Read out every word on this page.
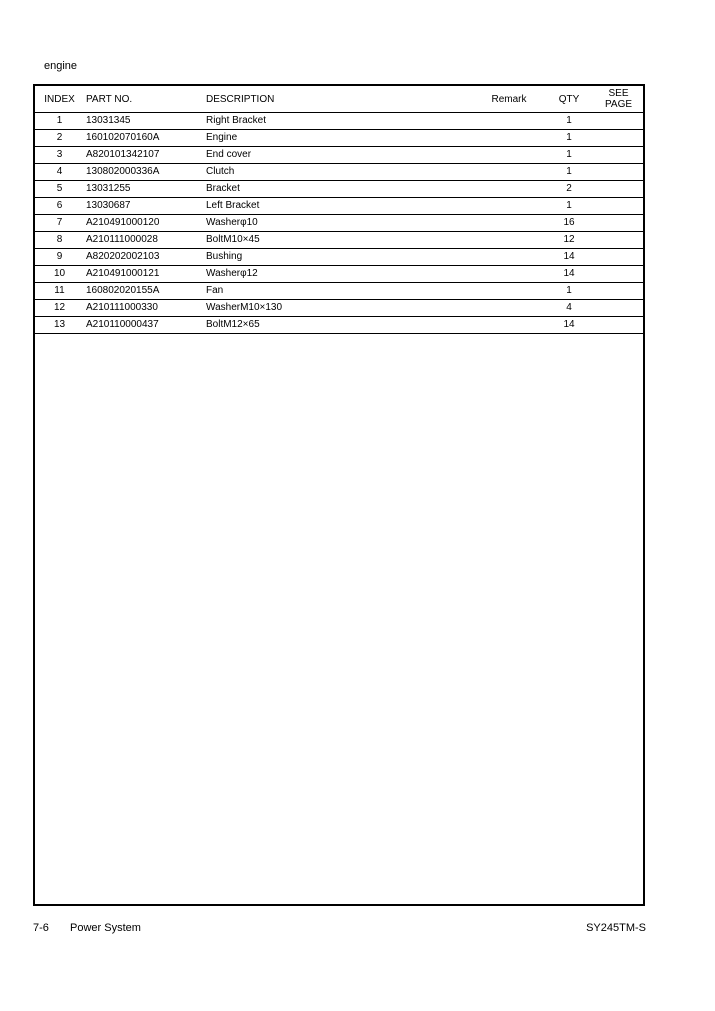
engine
INDEX	PART NO.	DESCRIPTION	Remark	QTY	SEE
PAGE

1	13031345	Right Bracket		1	
2	160102070160A	Engine		1	
3	A820101342107	End cover		1	
4	130802000336A	Clutch		1	
5	13031255	Bracket		2	
6	13030687	Left Bracket		1	
7	A210491000120	Washerφ10		16	
8	A210111000028	BoltM10×45		12	
9	A820202002103	Bushing		14	
10	A210491000121	Washerφ12		14	
11	160802020155A	Fan		1	
12	A210111000330	WasherM10×130		4	
13	A210110000437	BoltM12×65		14	
7-6 Power System	SY245TM-S
